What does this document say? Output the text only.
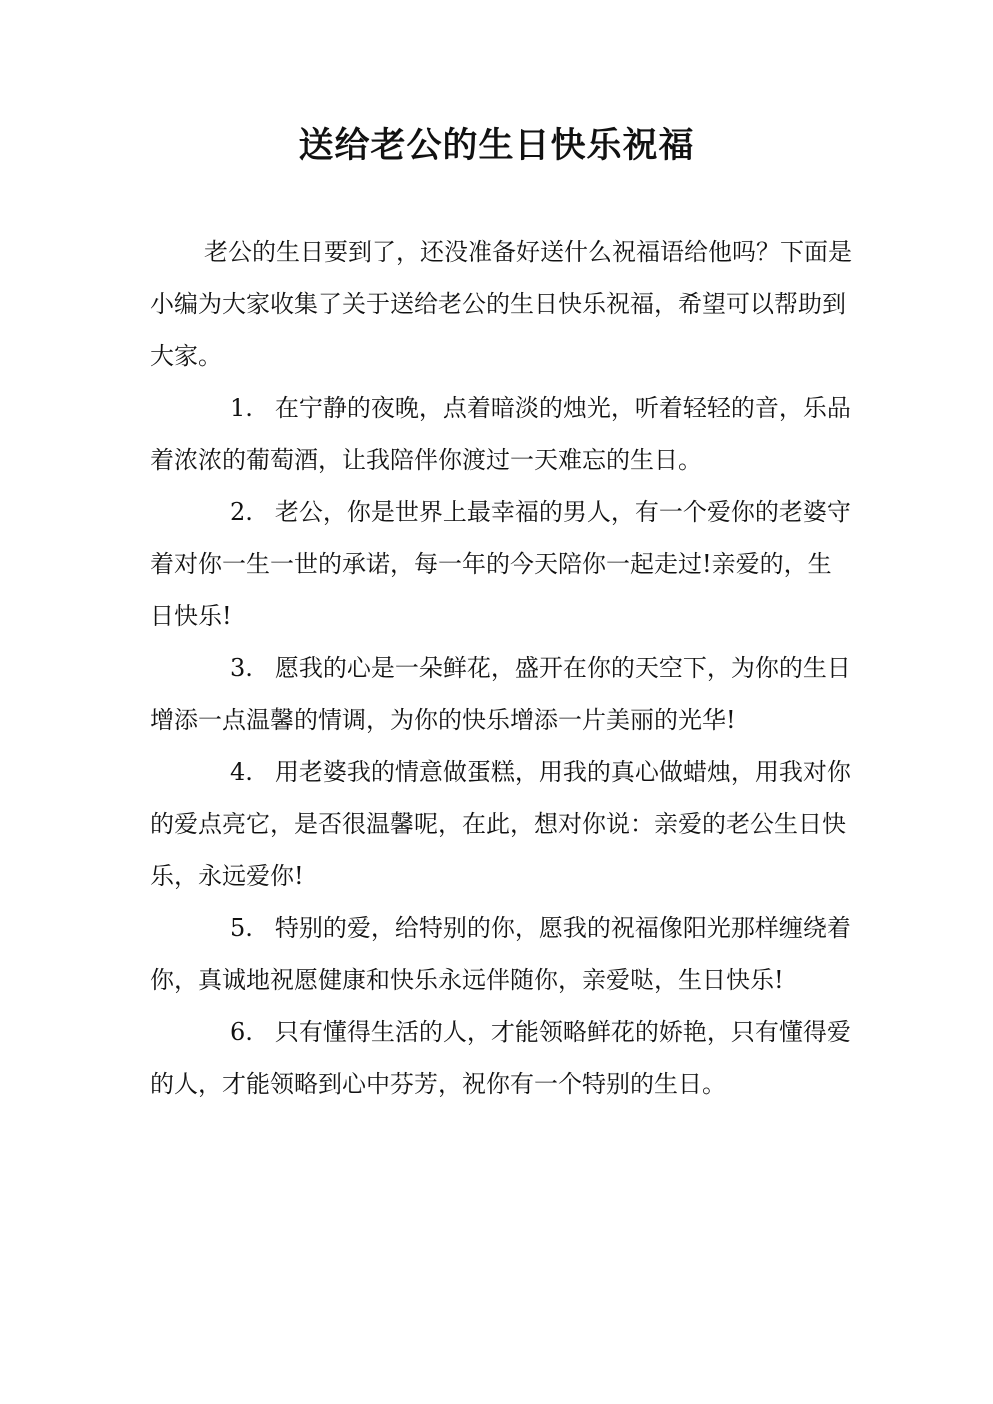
送给老公的生日快乐祝福

老公的生日要到了，还没准备好送什么祝福语给他吗？下面是小编为大家收集了关于送给老公的生日快乐祝福，希望可以帮助到大家。

1. 在宁静的夜晚，点着暗淡的烛光，听着轻轻的音，乐品着浓浓的葡萄酒，让我陪伴你渡过一天难忘的生日。

2. 老公，你是世界上最幸福的男人，有一个爱你的老婆守着对你一生一世的承诺，每一年的今天陪你一起走过!亲爱的，生日快乐!

3. 愿我的心是一朵鲜花，盛开在你的天空下，为你的生日增添一点温馨的情调，为你的快乐增添一片美丽的光华!

4. 用老婆我的情意做蛋糕，用我的真心做蜡烛，用我对你的爱点亮它，是否很温馨呢，在此，想对你说：亲爱的老公生日快乐，永远爱你!

5. 特别的爱，给特别的你，愿我的祝福像阳光那样缠绕着你，真诚地祝愿健康和快乐永远伴随你，亲爱哒，生日快乐!

6. 只有懂得生活的人，才能领略鲜花的娇艳，只有懂得爱的人，才能领略到心中芬芳，祝你有一个特别的生日。
